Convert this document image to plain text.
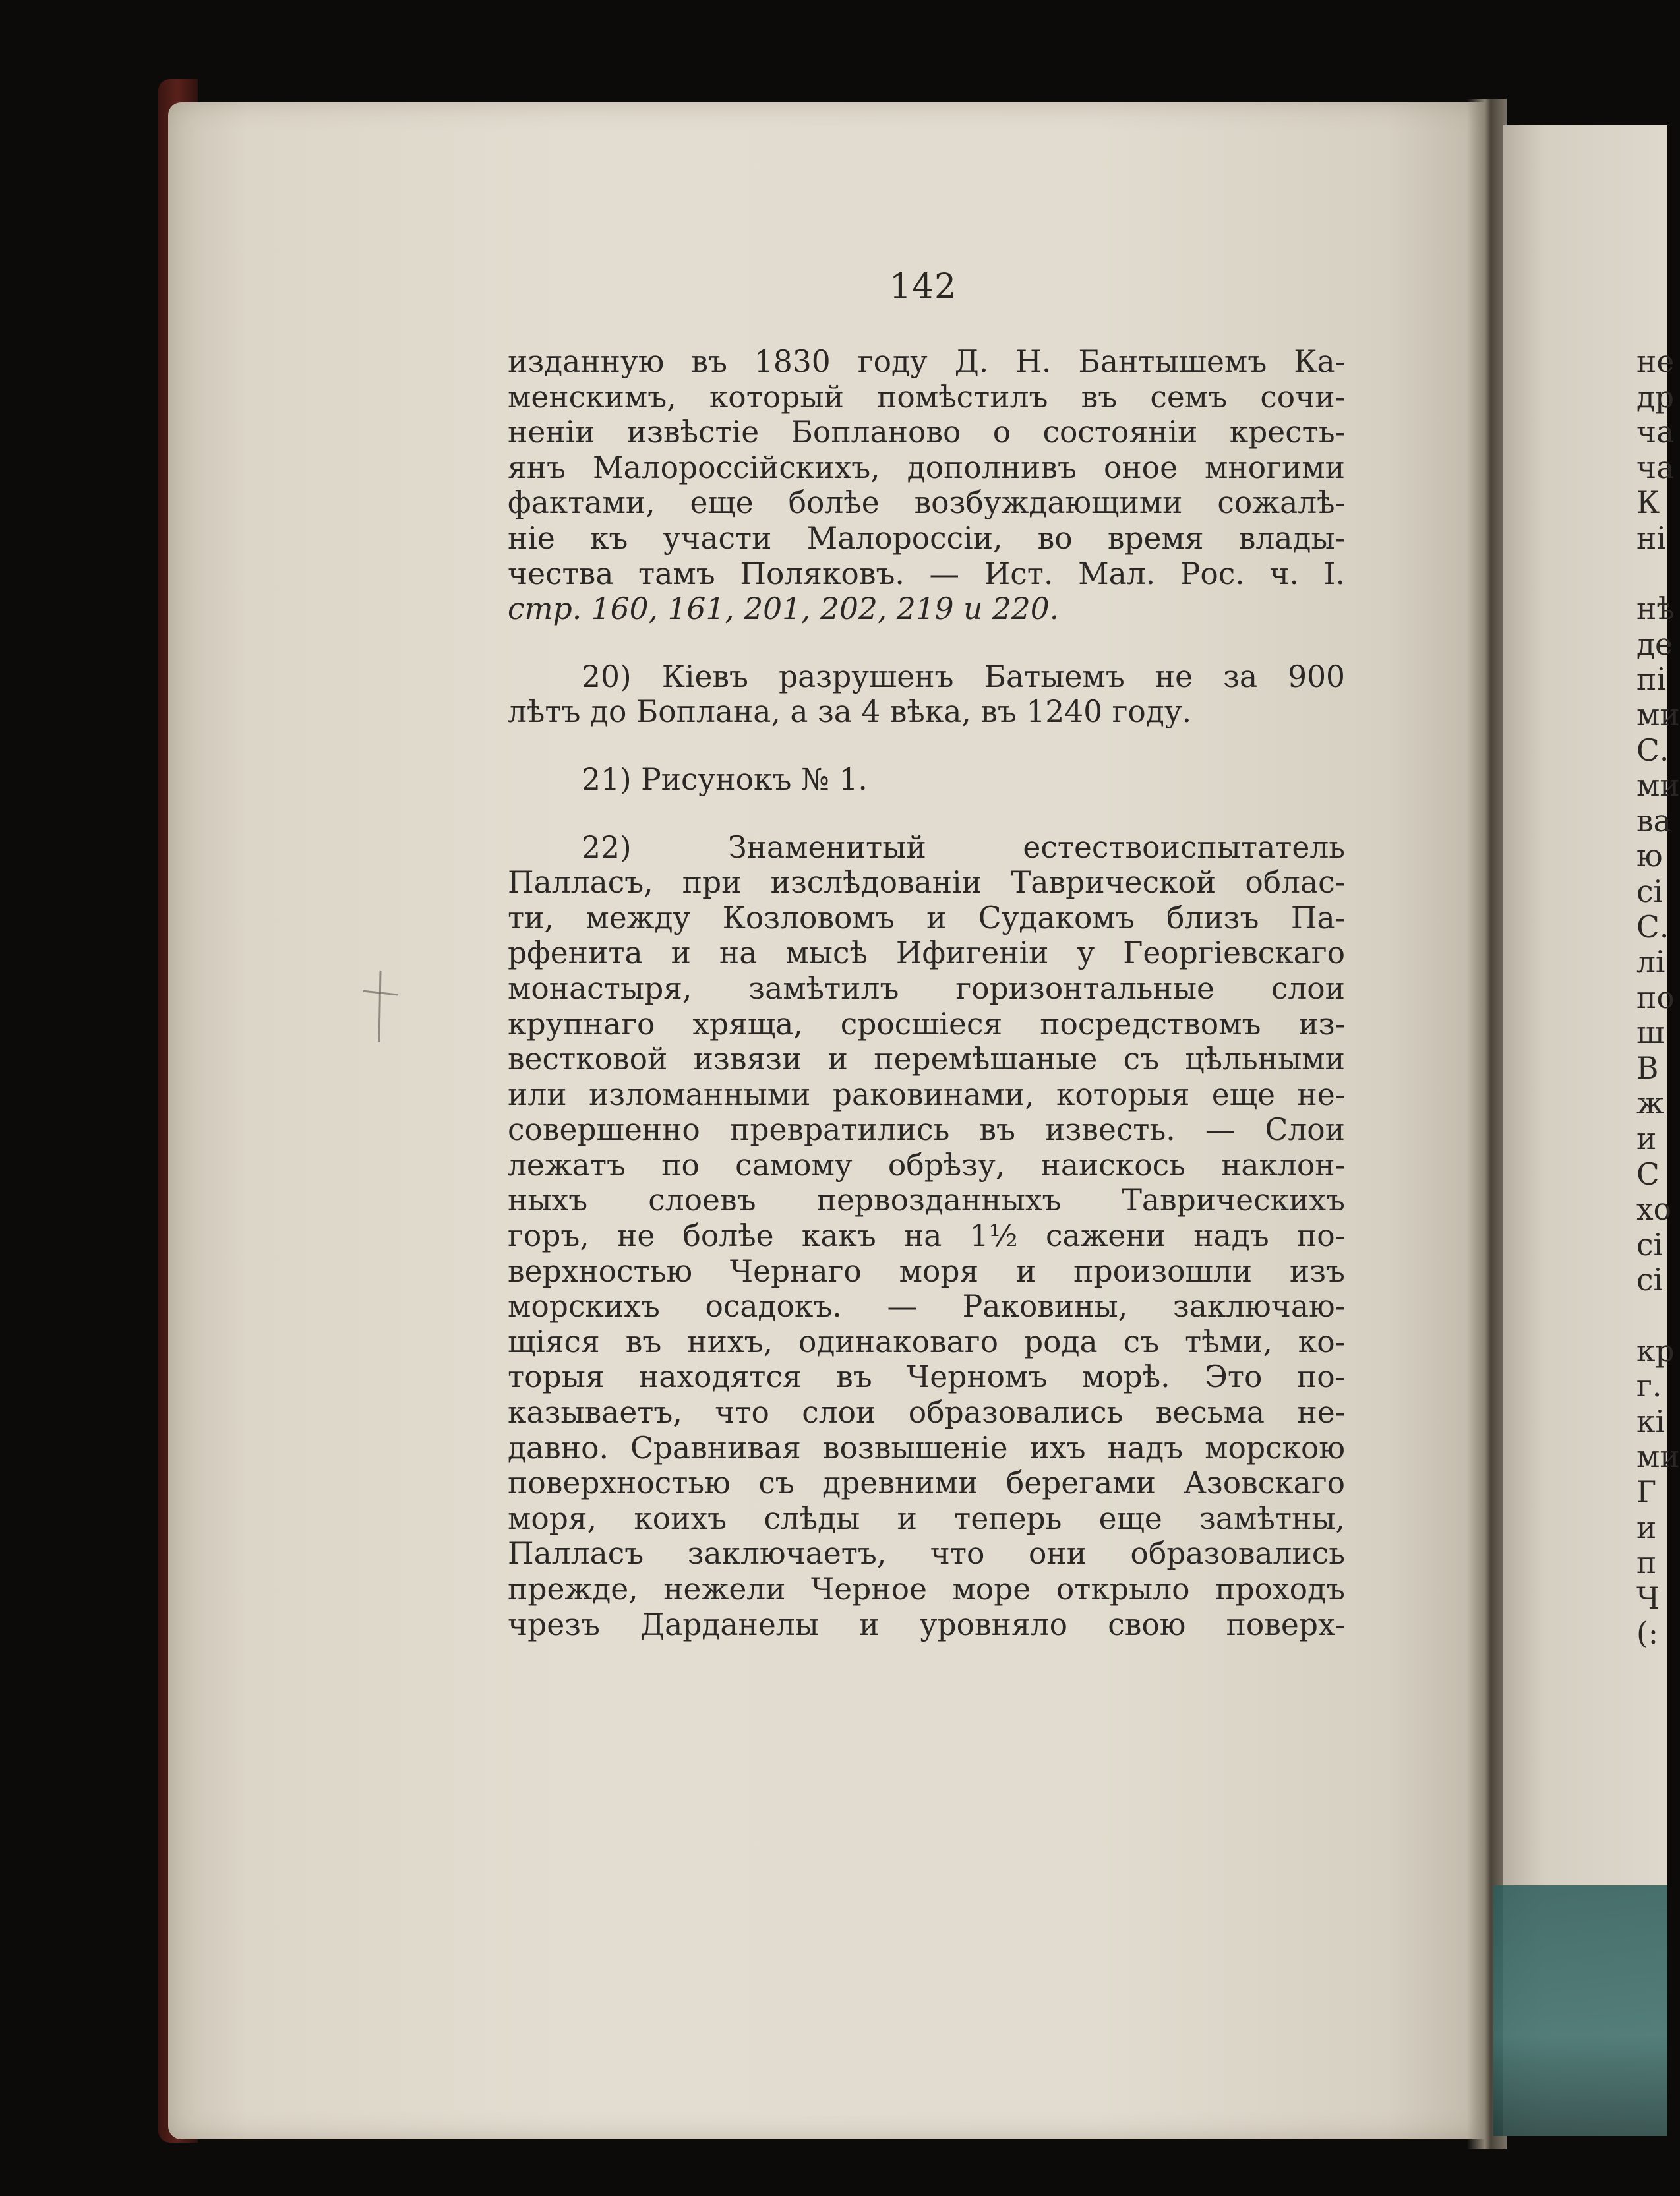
142
изданную въ 1830 году Д. Н. Бантышемъ Ка-
менскимъ, который помѣстилъ въ семъ сочи-
неніи извѣстіе Бопланово о состояніи кресть-
янъ Малороссійскихъ, дополнивъ оное многими
фактами, еще болѣе возбуждающими сожалѣ-
ніе къ участи Малороссіи, во время влады-
чества тамъ Поляковъ. — Ист. Мал. Рос. ч. I.
стр. 160, 161, 201, 202, 219 и 220.
20) Кіевъ разрушенъ Батыемъ не за 900
лѣтъ до Боплана, а за 4 вѣка, въ 1240 году.
21) Рисунокъ № 1.
22) Знаменитый естествоиспытатель
Палласъ, при изслѣдованіи Таврической облас-
ти, между Козловомъ и Судакомъ близъ Па-
рфенита и на мысѣ Ифигеніи у Георгіевскаго
монастыря, замѣтилъ горизонтальные слои
крупнаго хряща, сросшіеся посредствомъ из-
вестковой извязи и перемѣшаные съ цѣльными
или изломанными раковинами, которыя еще не-
совершенно превратились въ известь. — Слои
лежатъ по самому обрѣзу, наискось наклон-
ныхъ слоевъ первозданныхъ Таврическихъ
горъ, не болѣе какъ на 1½ сажени надъ по-
верхностью Чернаго моря и произошли изъ
морскихъ осадокъ. — Раковины, заключаю-
щіяся въ нихъ, одинаковаго рода съ тѣми, ко-
торыя находятся въ Черномъ морѣ. Это по-
казываетъ, что слои образовались весьма не-
давно. Сравнивая возвышеніе ихъ надъ морскою
поверхностью съ древними берегами Азовскаго
моря, коихъ слѣды и теперь еще замѣтны,
Палласъ заключаетъ, что они образовались
прежде, нежели Черное море открыло проходъ
чрезъ Дарданелы и уровняло свою поверх-
не
др
ча
ча
К
ні
нѣ
де
пі
ми
С.
ми
ва
ю
сі
С.
лі
по
ш
В
ж
и
С
хо
сі
сі
кр
г.
кі
ми
Г
и
п
Ч
(:
